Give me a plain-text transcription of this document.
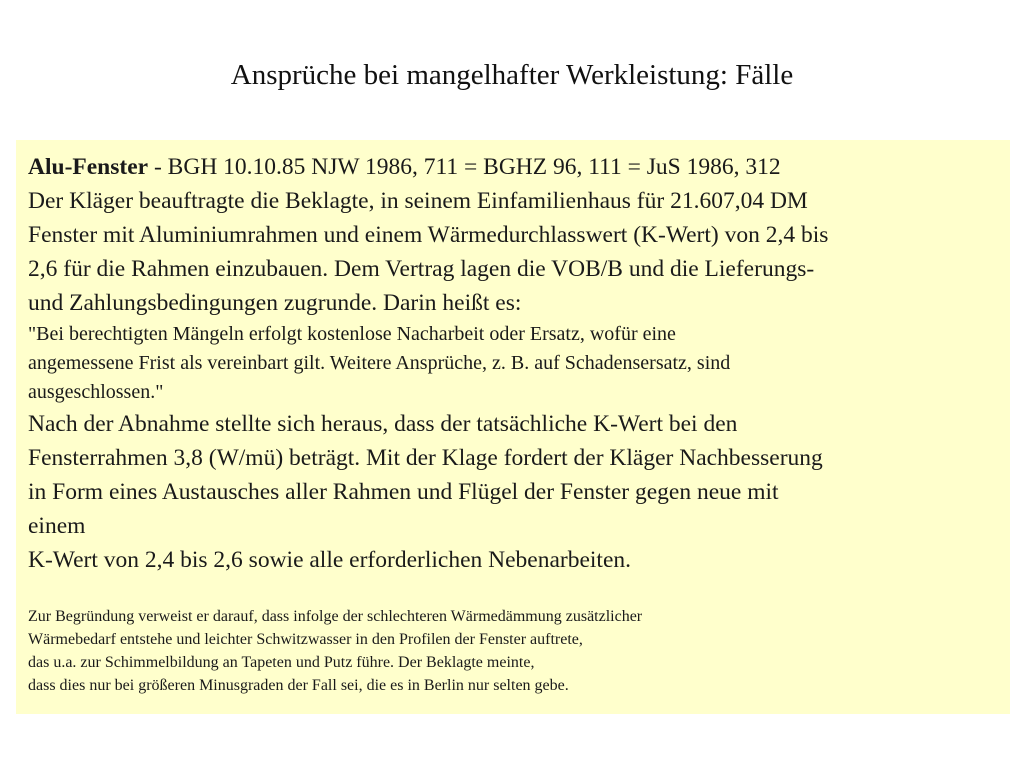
Ansprüche bei mangelhafter Werkleistung: Fälle

Alu-Fenster - BGH 10.10.85 NJW 1986, 711 = BGHZ 96, 111 = JuS 1986, 312

Der Kläger beauftragte die Beklagte, in seinem Einfamilienhaus für 21.607,04 DM

Fenster mit Aluminiumrahmen und einem Wärmedurchlasswert (K-Wert) von 2,4 bis

2,6 für die Rahmen einzubauen. Dem Vertrag lagen die VOB/B und die Lieferungs-

und Zahlungsbedingungen zugrunde. Darin heißt es:

"Bei berechtigten Mängeln erfolgt kostenlose Nacharbeit oder Ersatz, wofür eine

angemessene Frist als vereinbart gilt. Weitere Ansprüche, z. B. auf Schadensersatz, sind

ausgeschlossen."

Nach der Abnahme stellte sich heraus, dass der tatsächliche K-Wert bei den

Fensterrahmen 3,8 (W/mü) beträgt. Mit der Klage fordert der Kläger Nachbesserung

in Form eines Austausches aller Rahmen und Flügel der Fenster gegen neue mit

einem

K-Wert von 2,4 bis 2,6 sowie alle erforderlichen Nebenarbeiten.

Zur Begründung verweist er darauf, dass infolge der schlechteren Wärmedämmung zusätzlicher

Wärmebedarf entstehe und leichter Schwitzwasser in den Profilen der Fenster auftrete,

das u.a. zur Schimmelbildung an Tapeten und Putz führe. Der Beklagte meinte,

dass dies nur bei größeren Minusgraden der Fall sei, die es in Berlin nur selten gebe.
